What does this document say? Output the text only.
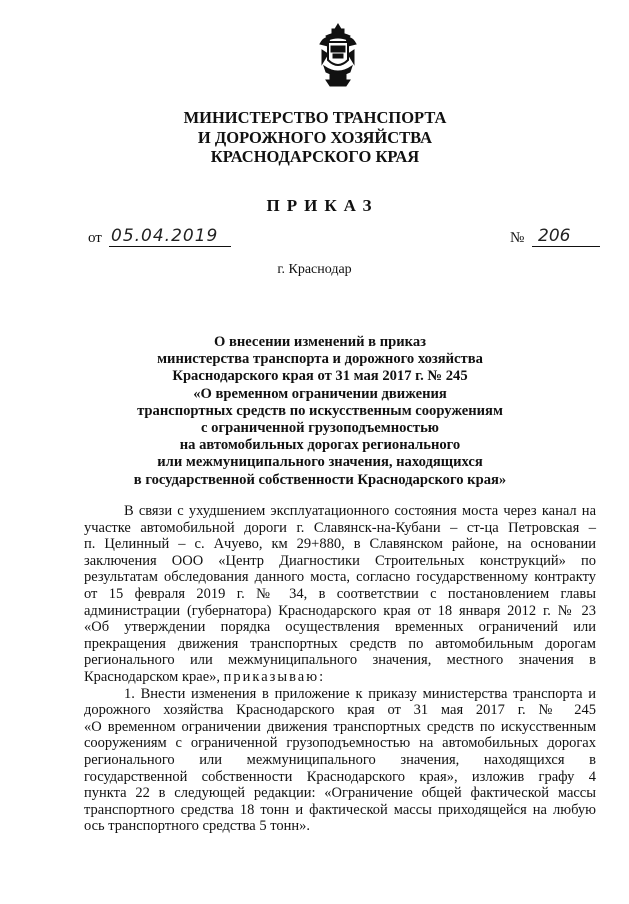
МИНИСТЕРСТВО ТРАНСПОРТА
И ДОРОЖНОГО ХОЗЯЙСТВА
КРАСНОДАРСКОГО КРАЯ
ПРИКАЗ
от 05.04.2019	№ 206
г. Краснодар
О внесении изменений в приказ
министерства транспорта и дорожного хозяйства
Краснодарского края от 31 мая 2017 г. № 245
«О временном ограничении движения
транспортных средств по искусственным сооружениям
с ограниченной грузоподъемностью
на автомобильных дорогах регионального
или межмуниципального значения, находящихся
в государственной собственности Краснодарского края»
В связи с ухудшением эксплуатационного состояния моста через канал на
участке автомобильной дороги г. Славянск-на-Кубани – ст-ца Петровская –
п. Целинный – с. Ачуево, км 29+880, в Славянском районе, на основании
заключения ООО «Центр Диагностики Строительных конструкций» по
результатам обследования данного моста, согласно государственному контракту
от 15 февраля 2019 г. № 34, в соответствии с постановлением главы
администрации (губернатора) Краснодарского края от 18 января 2012 г. № 23
«Об утверждении порядка осуществления временных ограничений или
прекращения движения транспортных средств по автомобильным дорогам
регионального или межмуниципального значения, местного значения в
Краснодарском крае», приказываю:
1. Внести изменения в приложение к приказу министерства транспорта и
дорожного хозяйства Краснодарского края от 31 мая 2017 г. № 245
«О временном ограничении движения транспортных средств по искусственным
сооружениям с ограниченной грузоподъемностью на автомобильных дорогах
регионального или межмуниципального значения, находящихся в
государственной собственности Краснодарского края», изложив графу 4
пункта 22 в следующей редакции: «Ограничение общей фактической массы
транспортного средства 18 тонн и фактической массы приходящейся на любую
ось транспортного средства 5 тонн».
